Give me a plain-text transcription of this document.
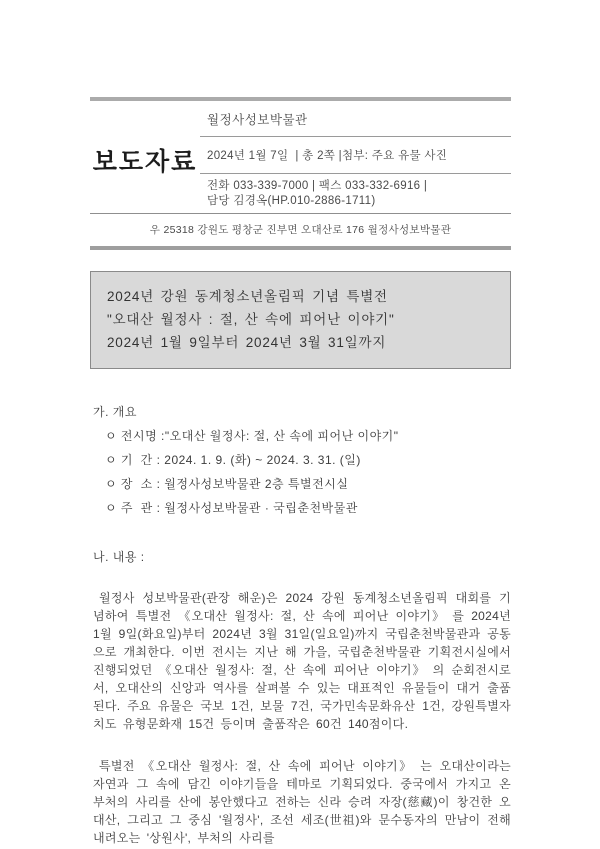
보도자료
월정사성보박물관
2024년 1월 7일  | 총 2쪽 |첨부: 주요 유물 사진
전화 033-339-7000 | 팩스 033-332-6916 |
담당 김경옥(HP.010-2886-1711)
우 25318 강원도 평창군 진부면 오대산로 176 월정사성보박물관
2024년 강원 동계청소년올림픽 기념 특별전
"오대산 월정사 : 절, 산 속에 피어난 이야기"
2024년 1월 9일부터 2024년 3월 31일까지
가. 개요
ㅇ 전시명 :"오대산 월정사: 절, 산 속에 피어난 이야기"
ㅇ 기  간 : 2024. 1. 9. (화) ~ 2024. 3. 31. (일)
ㅇ 장  소 : 월정사성보박물관 2층 특별전시실
ㅇ 주  관 : 월정사성보박물관 · 국립춘천박물관
나. 내용 :

월정사 성보박물관(관장 해운)은 2024 강원 동계청소년올림픽 대회를 기념하여 특별전 《오대산 월정사: 절, 산 속에 피어난 이야기》 를 2024년 1월 9일(화요일)부터 2024년 3월 31일(일요일)까지 국립춘천박물관과 공동으로 개최한다. 이번 전시는 지난 해 가을, 국립춘천박물관 기획전시실에서 진행되었던 《오대산 월정사: 절, 산 속에 피어난 이야기》 의 순회전시로서, 오대산의 신앙과 역사를 살펴볼 수 있는 대표적인 유물들이 대거 출품된다. 주요 유물은 국보 1건, 보물 7건, 국가민속문화유산 1건, 강원특별자치도 유형문화재 15건 등이며 출품작은 60건 140점이다.

특별전 《오대산 월정사: 절, 산 속에 피어난 이야기》 는 오대산이라는 자연과 그 속에 담긴 이야기들을 테마로 기획되었다. 중국에서 가지고 온 부처의 사리를 산에 봉안했다고 전하는 신라 승려 자장(慈藏)이 창건한 오대산, 그리고 그 중심 '월정사', 조선 세조(世祖)와 문수동자의 만남이 전해 내려오는 '상원사', 부처의 사리를
